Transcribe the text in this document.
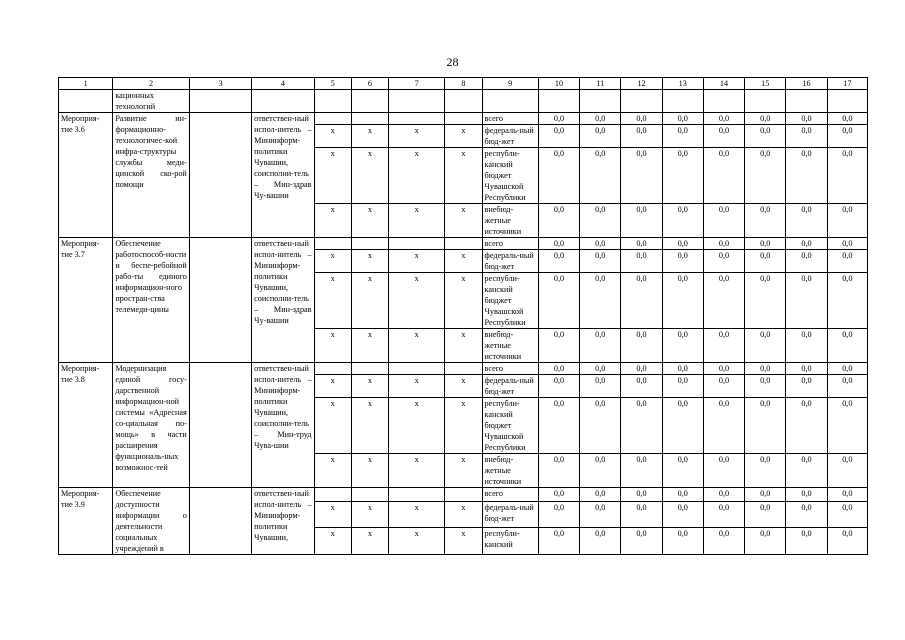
28
1	2	3	4	5	6	7	8	9	10	11	12	13	14	15	16	17
	кационных технологий															
Мероприя-тие 3.6	Развитие ин-формационно-технологичес-кой инфра-структуры службы меди-цинской ско-рой помощи		ответствен-ный испол-нитель – Мининформ-политики Чувашии, соисполни-тель – Мин-здрав Чу-вашии					всего	0,0	0,0	0,0	0,0	0,0	0,0	0,0	0,0
				x	x	x	x	федераль-ный бюд-жет	0,0	0,0	0,0	0,0	0,0	0,0	0,0	0,0
				x	x	x	x	республи-канский бюджет Чувашской Республики	0,0	0,0	0,0	0,0	0,0	0,0	0,0	0,0
				x	x	x	x	внебюд-жетные источники	0,0	0,0	0,0	0,0	0,0	0,0	0,0	0,0
Мероприя-тие 3.7	Обеспечение работоспособ-ности и беспе-ребойной рабо-ты единого информацион-ного простран-ства телемеди-цины		ответствен-ный испол-нитель – Мининформ-политики Чувашии, соисполни-тель – Мин-здрав Чу-вашии					всего	0,0	0,0	0,0	0,0	0,0	0,0	0,0	0,0
				x	x	x	x	федераль-ный бюд-жет	0,0	0,0	0,0	0,0	0,0	0,0	0,0	0,0
				x	x	x	x	республи-канский бюджет Чувашской Республики	0,0	0,0	0,0	0,0	0,0	0,0	0,0	0,0
				x	x	x	x	внебюд-жетные источники	0,0	0,0	0,0	0,0	0,0	0,0	0,0	0,0
Мероприя-тие 3.8	Модернизация единой госу-дарственной информацион-ной системы «Адресная со-циальная по-мощь» в части расширения функциональ-ных возможнос-тей		ответствен-ный испол-нитель – Мининформ-политики Чувашии, соисполни-тель – Мин-труд Чува-шии					всего	0,0	0,0	0,0	0,0	0,0	0,0	0,0	0,0
				x	x	x	x	федераль-ный бюд-жет	0,0	0,0	0,0	0,0	0,0	0,0	0,0	0,0
				x	x	x	x	республи-канский бюджет Чувашской Республики	0,0	0,0	0,0	0,0	0,0	0,0	0,0	0,0
				x	x	x	x	внебюд-жетные источники	0,0	0,0	0,0	0,0	0,0	0,0	0,0	0,0
Мероприя-тие 3.9	Обеспечение доступности информации о деятельности социальных учреждений в		ответствен-ный испол-нитель – Мининформ-политики Чувашии,					всего	0,0	0,0	0,0	0,0	0,0	0,0	0,0	0,0
				x	x	x	x	федераль-ный бюд-жет	0,0	0,0	0,0	0,0	0,0	0,0	0,0	0,0
				x	x	x	x	республи-канский	0,0	0,0	0,0	0,0	0,0	0,0	0,0	0,0
